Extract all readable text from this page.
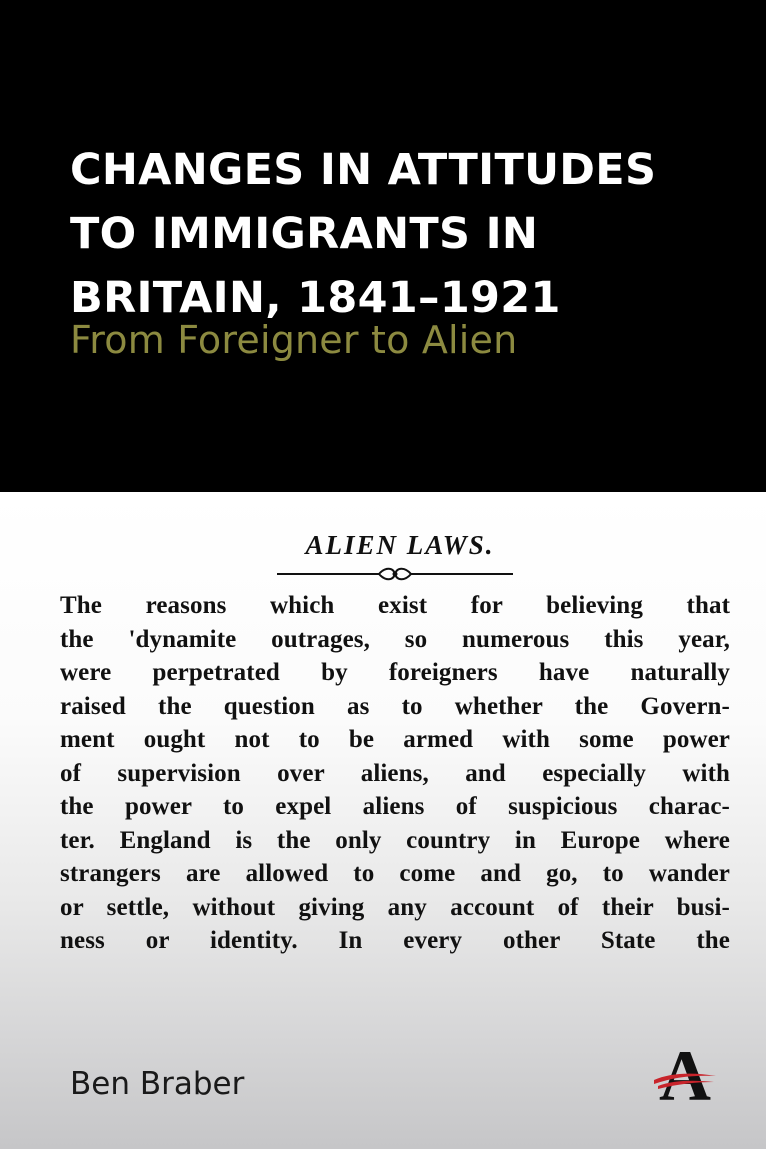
CHANGES IN ATTITUDES
TO IMMIGRANTS IN
BRITAIN, 1841–1921
From Foreigner to Alien

ALIEN LAWS.

The reasons which exist for believing that
the 'dynamite outrages, so numerous this year,
were perpetrated by foreigners have naturally
raised the question as to whether the Govern-
ment ought not to be armed with some power
of supervision over aliens, and especially with
the power to expel aliens of suspicious charac-
ter. England is the only country in Europe where
strangers are allowed to come and go, to wander
or settle, without giving any account of their busi-
ness or identity. In every other State the

Ben Braber	A
